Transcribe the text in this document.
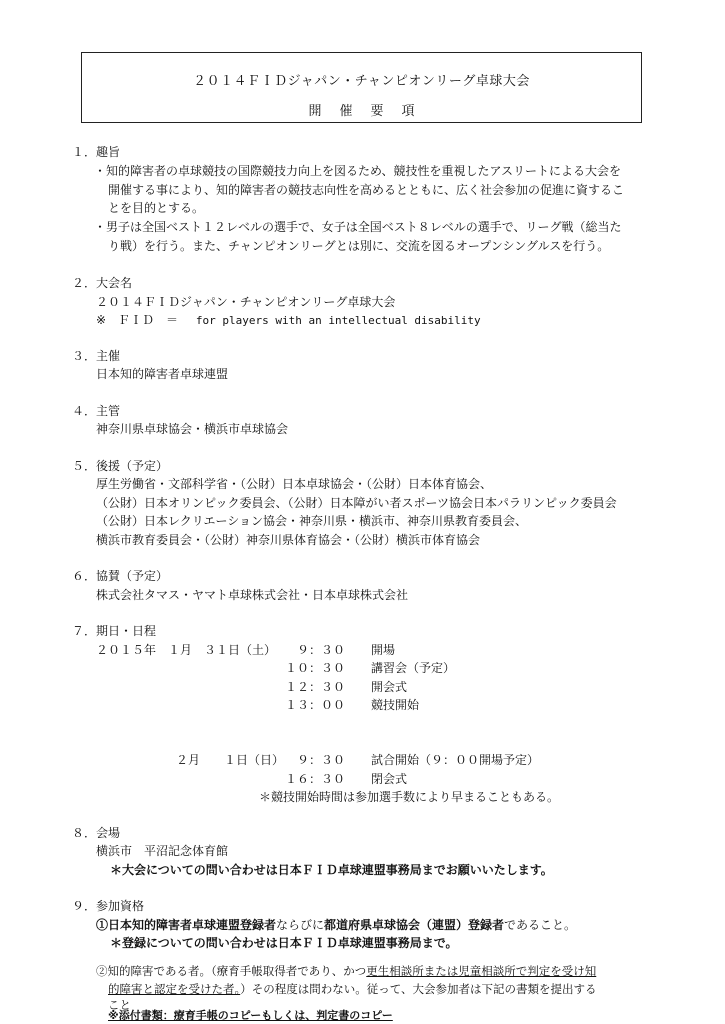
２０１４ＦＩＤジャパン・チャンピオンリーグ卓球大会
開催要項
１．趣旨
・知的障害者の卓球競技の国際競技力向上を図るため、競技性を重視したアスリートによる大会を
開催する事により、知的障害者の競技志向性を高めるとともに、広く社会参加の促進に資するこ
とを目的とする。
・男子は全国ベスト１２レベルの選手で、女子は全国ベスト８レベルの選手で、リーグ戦（総当た
り戦）を行う。また、チャンピオンリーグとは別に、交流を図るオープンシングルスを行う。
２．大会名
２０１４ＦＩＤジャパン・チャンピオンリーグ卓球大会
※　ＦＩＤ　＝ for players with an intellectual disability
３．主催
日本知的障害者卓球連盟
４．主管
神奈川県卓球協会・横浜市卓球協会
５．後援（予定）
厚生労働省・文部科学省・（公財）日本卓球協会・（公財）日本体育協会、
（公財）日本オリンピック委員会、（公財）日本障がい者スポーツ協会日本パラリンピック委員会
（公財）日本レクリエーション協会・神奈川県・横浜市、神奈川県教育委員会、
横浜市教育委員会・（公財）神奈川県体育協会・（公財）横浜市体育協会
６．協賛（予定）
株式会社タマス・ヤマト卓球株式会社・日本卓球株式会社
７．期日・日程
２０１５年　１月　３１日（土）
２月　　１日（日）
９：３０ 開場
１０：３０ 講習会（予定）
１２：３０ 開会式
１３：００ 競技開始
９：３０ 試合開始（９：００開場予定）
１６：３０ 閉会式
＊競技開始時間は参加選手数により早まることもある。
８．会場
横浜市　平沼記念体育館
＊大会についての問い合わせは日本ＦＩＤ卓球連盟事務局までお願いいたします。
９．参加資格
①日本知的障害者卓球連盟登録者ならびに都道府県卓球協会（連盟）登録者であること。
＊登録についての問い合わせは日本ＦＩＤ卓球連盟事務局まで。
②知的障害である者。（療育手帳取得者であり、かつ更生相談所または児童相談所で判定を受け知
的障害と認定を受けた者。）その程度は問わない。従って、大会参加者は下記の書類を提出する
こと
※添付書類：療育手帳のコピーもしくは、判定書のコピー
